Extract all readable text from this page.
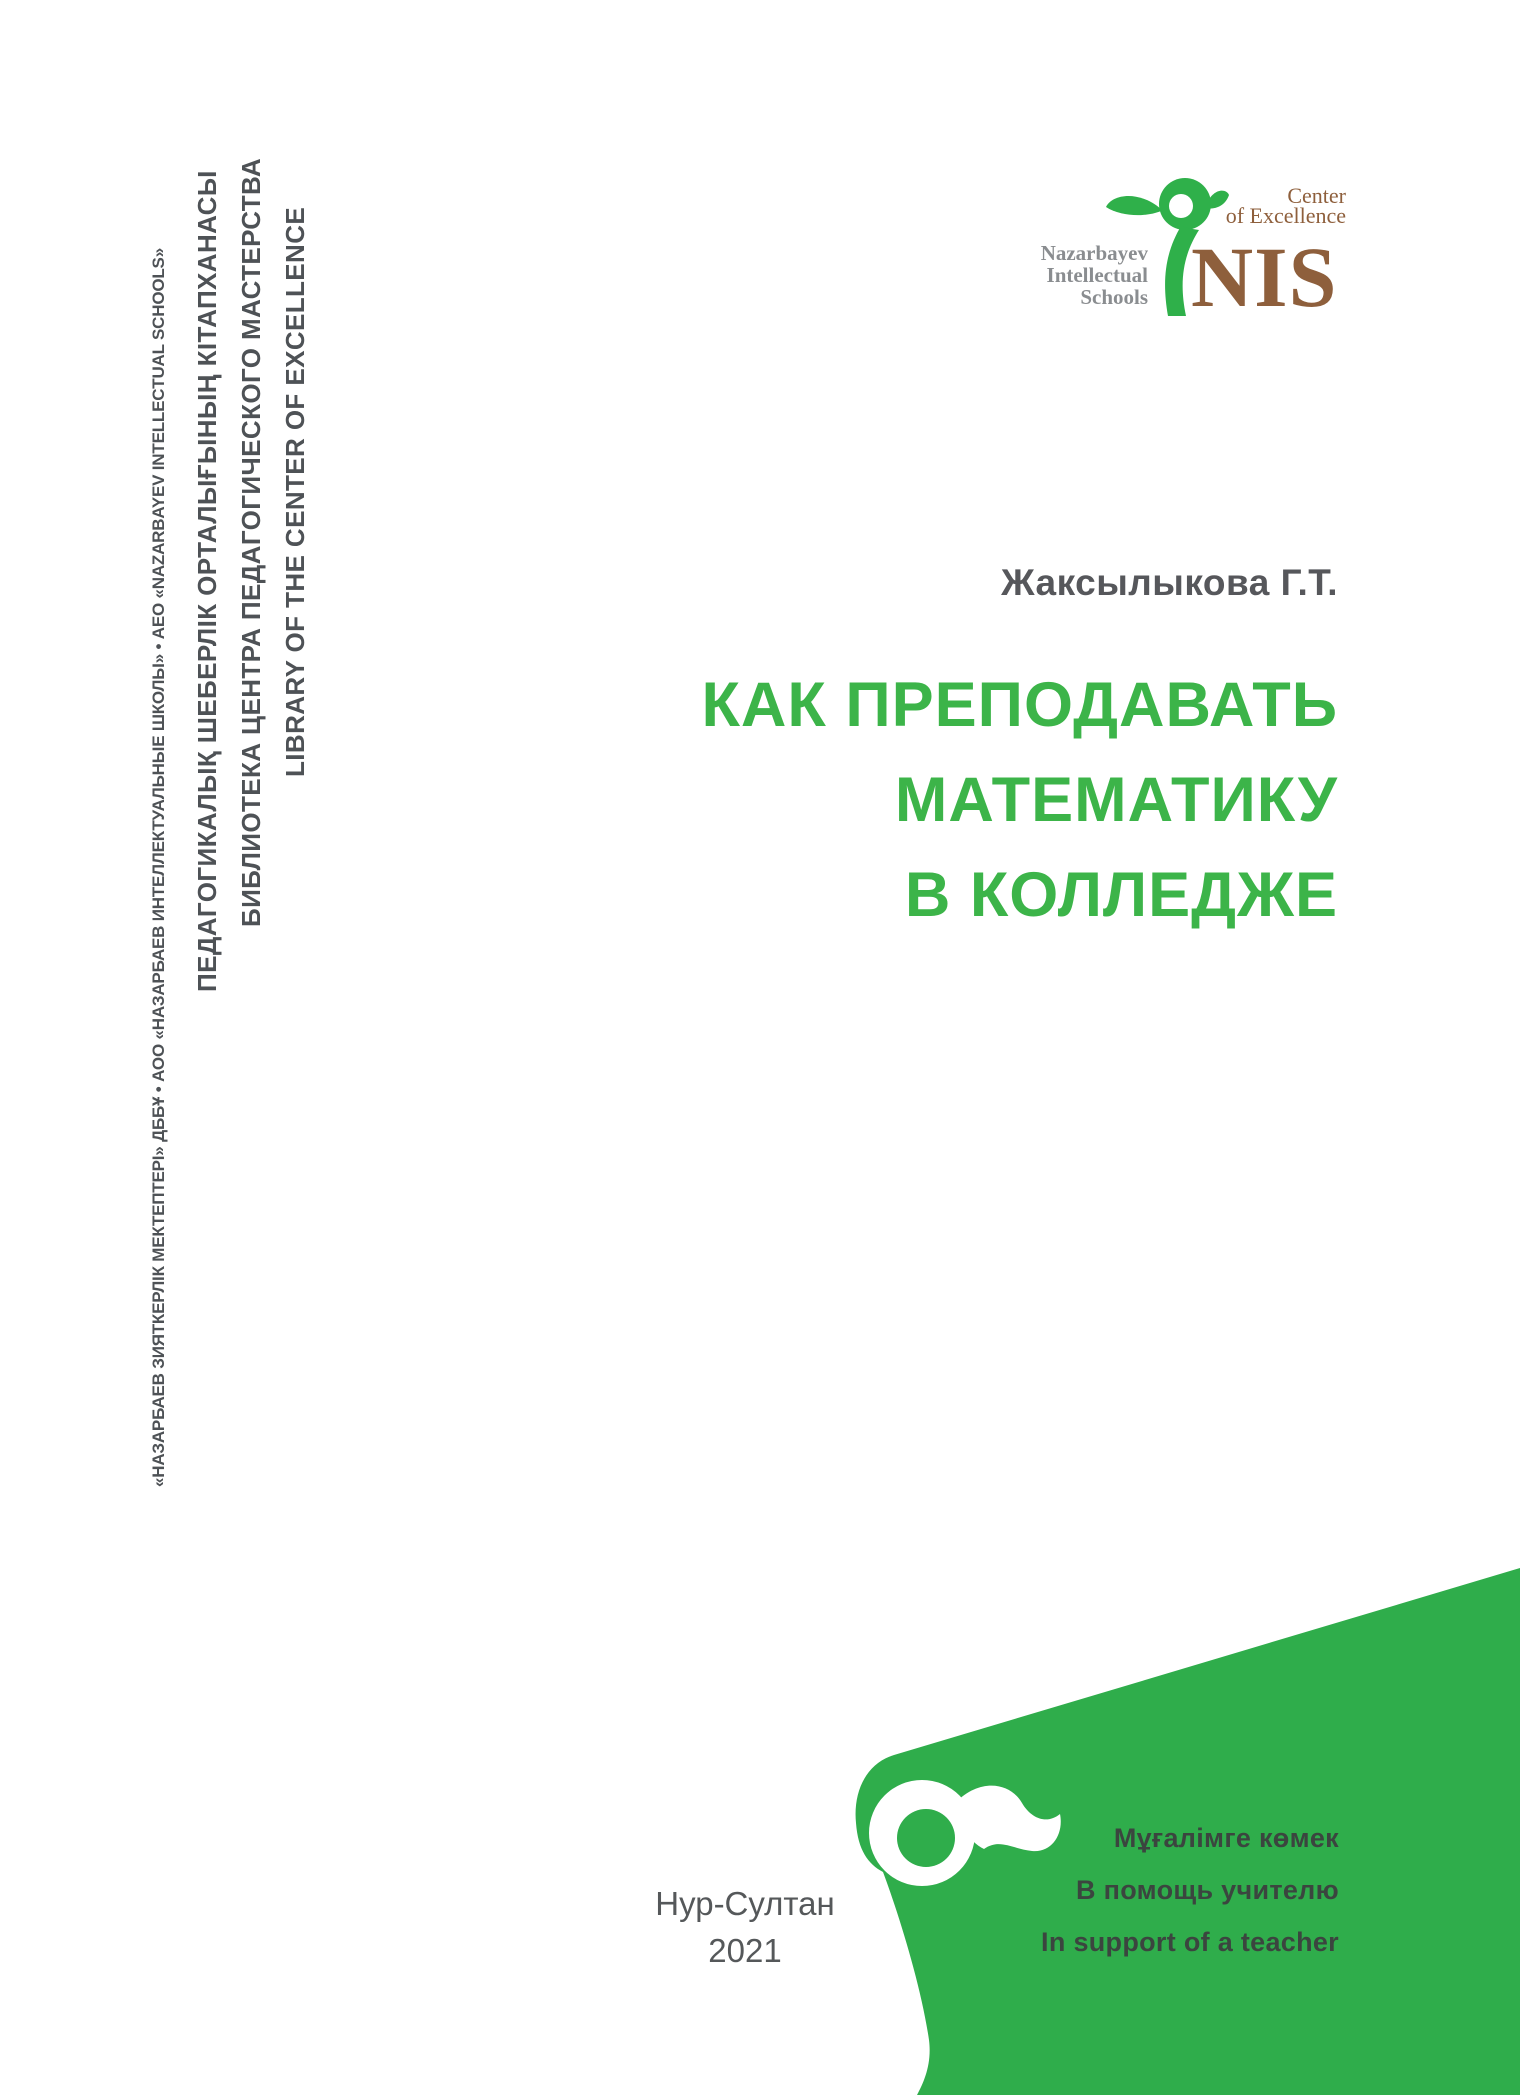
«НАЗАРБАЕВ ЗИЯТКЕРЛІК МЕКТЕПТЕРІ» ДББҰ • АОО «НАЗАРБАЕВ ИНТЕЛЛЕКТУАЛЬНЫЕ ШКОЛЫ» • AEO «NAZARBAYEV INTELLECTUAL SCHOOLS» ПЕДАГОГИКАЛЫҚ ШЕБЕРЛІК ОРТАЛЫҒЫНЫҢ КІТАПХАНАСЫ БИБЛИОТЕКА ЦЕНТРА ПЕДАГОГИЧЕСКОГО МАСТЕРСТВА LIBRARY OF THE CENTER OF EXCELLENCE	Nazarbayev
Intellectual
Schools NIS
Center
of Excellence
Жаксылыкова Г.Т.
КАК ПРЕПОДАВАТЬ
МАТЕМАТИКУ
В КОЛЛЕДЖЕ
Нур-Султан
2021
Мұғалімге көмек
В помощь учителю
In support of a teacher
